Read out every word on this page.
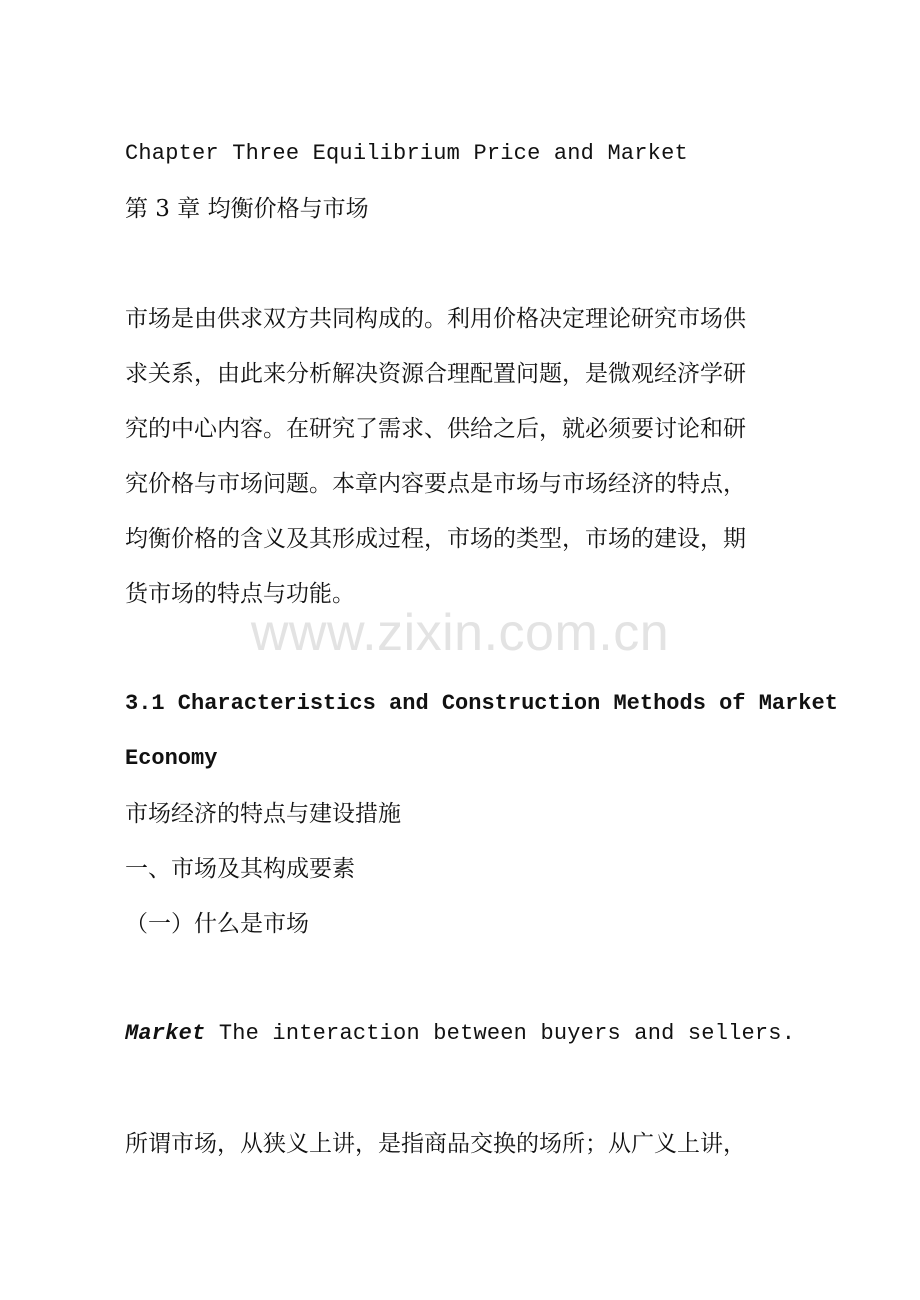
Chapter Three Equilibrium Price and Market
第 3 章 均衡价格与市场
市场是由供求双方共同构成的。利用价格决定理论研究市场供
求关系，由此来分析解决资源合理配置问题，是微观经济学研
究的中心内容。在研究了需求、供给之后，就必须要讨论和研
究价格与市场问题。本章内容要点是市场与市场经济的特点，
均衡价格的含义及其形成过程，市场的类型，市场的建设，期
货市场的特点与功能。
www.zixin.com.cn
3.1 Characteristics and Construction Methods of Market
Economy
市场经济的特点与建设措施
一、市场及其构成要素
（一）什么是市场
Market The interaction between buyers and sellers.
所谓市场，从狭义上讲，是指商品交换的场所；从广义上讲，
